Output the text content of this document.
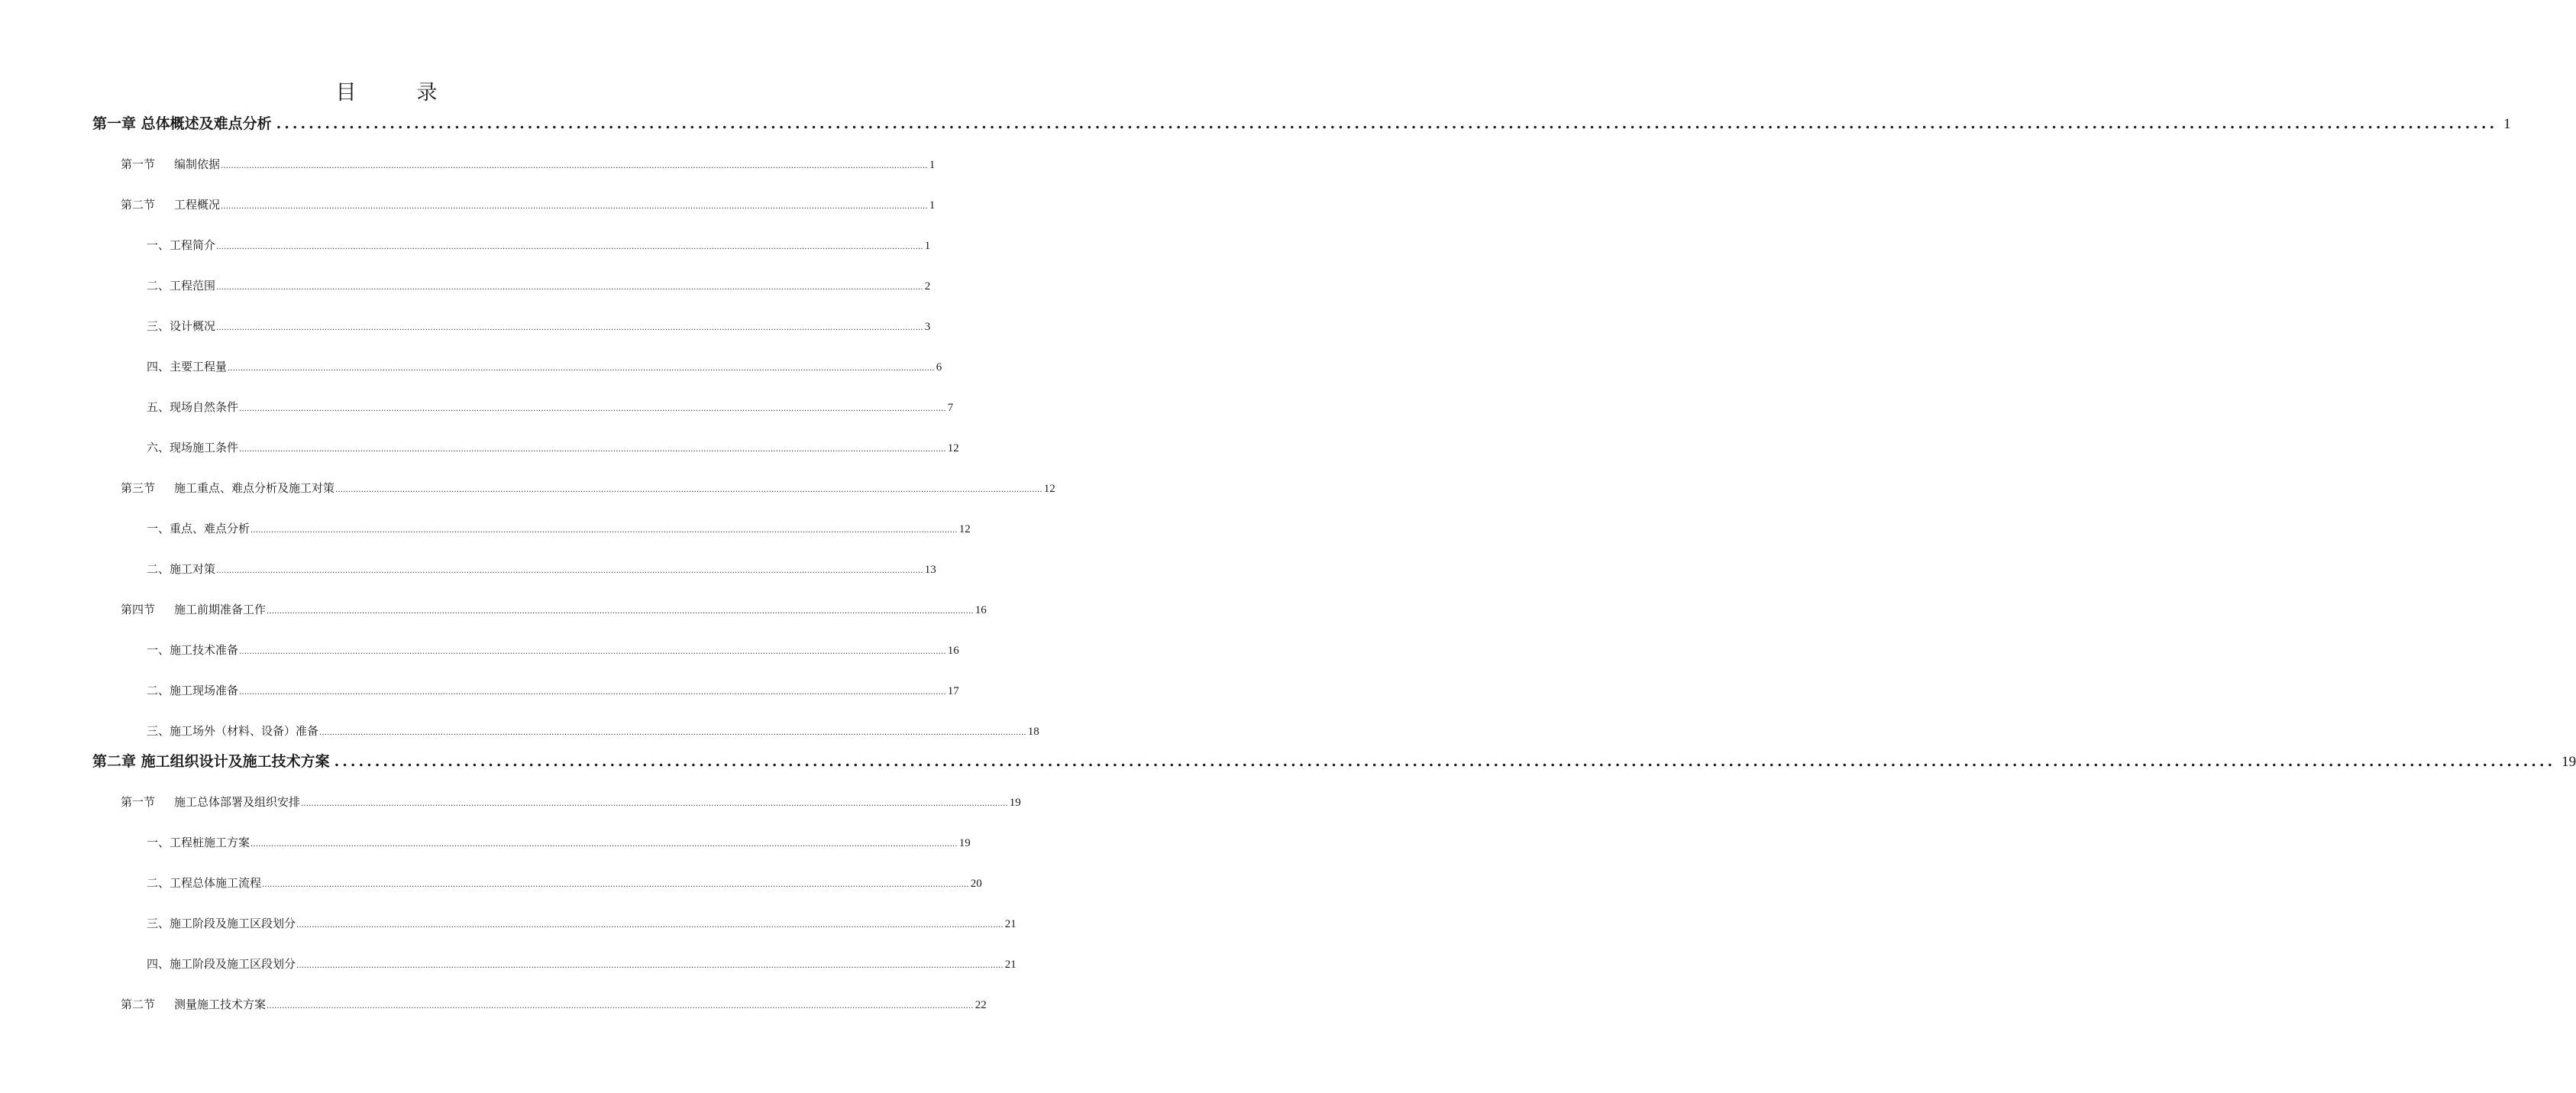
目　录
第一章 总体概述及难点分析 .................................................................................................................................................................................................................................................................................. 1
第一节 编制依据 .................................................................................................................................................................................................................................................................................. 1
第二节 工程概况 .................................................................................................................................................................................................................................................................................. 1
一、工程简介 .................................................................................................................................................................................................................................................................................. 1
二、工程范围 .................................................................................................................................................................................................................................................................................. 2
三、设计概况 .................................................................................................................................................................................................................................................................................. 3
四、主要工程量 .................................................................................................................................................................................................................................................................................. 6
五、现场自然条件 .................................................................................................................................................................................................................................................................................. 7
六、现场施工条件 .................................................................................................................................................................................................................................................................................. 12
第三节 施工重点、难点分析及施工对策 .................................................................................................................................................................................................................................................................................. 12
一、重点、难点分析 .................................................................................................................................................................................................................................................................................. 12
二、施工对策 .................................................................................................................................................................................................................................................................................. 13
第四节 施工前期准备工作 .................................................................................................................................................................................................................................................................................. 16
一、施工技术准备 .................................................................................................................................................................................................................................................................................. 16
二、施工现场准备 .................................................................................................................................................................................................................................................................................. 17
三、施工场外（材料、设备）准备 .................................................................................................................................................................................................................................................................................. 18
第二章 施工组织设计及施工技术方案 .................................................................................................................................................................................................................................................................................. 19
第一节 施工总体部署及组织安排 .................................................................................................................................................................................................................................................................................. 19
一、工程桩施工方案 .................................................................................................................................................................................................................................................................................. 19
二、工程总体施工流程 .................................................................................................................................................................................................................................................................................. 20
三、施工阶段及施工区段划分 .................................................................................................................................................................................................................................................................................. 21
四、施工阶段及施工区段划分 .................................................................................................................................................................................................................................................................................. 21
第二节 测量施工技术方案 .................................................................................................................................................................................................................................................................................. 22
